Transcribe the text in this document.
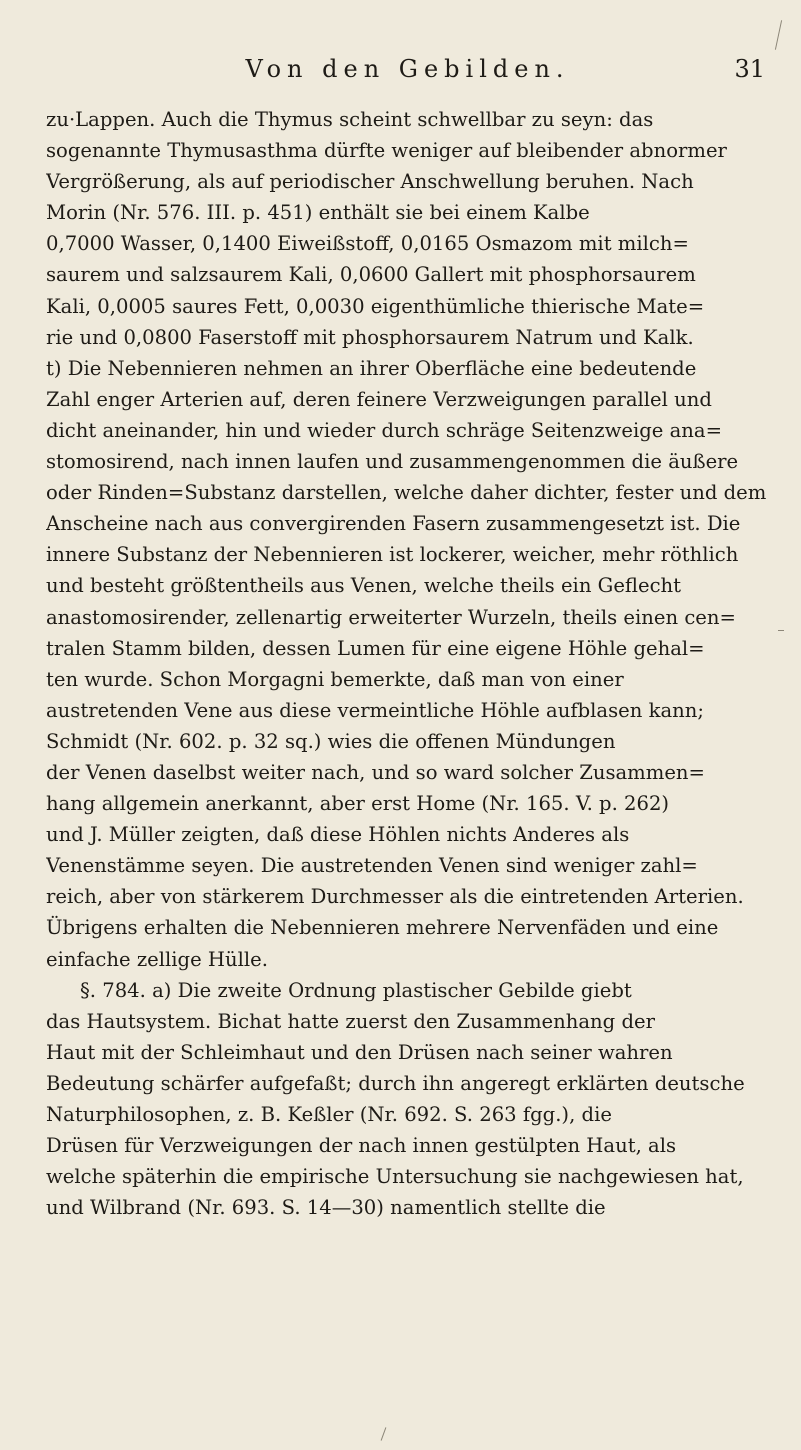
Von den Gebilden.	31

zu·Lappen. Auch die Thymus scheint schwellbar zu seyn: das
sogenannte Thymusasthma dürfte weniger auf bleibender abnormer
Vergrößerung, als auf periodischer Anschwellung beruhen. Nach
Morin (Nr. 576. III. p. 451) enthält sie bei einem Kalbe
0,7000 Wasser, 0,1400 Eiweißstoff, 0,0165 Osmazom mit milch=
saurem und salzsaurem Kali, 0,0600 Gallert mit phosphorsaurem
Kali, 0,0005 saures Fett, 0,0030 eigenthümliche thierische Mate=
rie und 0,0800 Faserstoff mit phosphorsaurem Natrum und Kalk.

t) Die Nebennieren nehmen an ihrer Oberfläche eine bedeutende
Zahl enger Arterien auf, deren feinere Verzweigungen parallel und
dicht aneinander, hin und wieder durch schräge Seitenzweige ana=
stomosirend, nach innen laufen und zusammengenommen die äußere
oder Rinden=Substanz darstellen, welche daher dichter, fester und dem
Anscheine nach aus convergirenden Fasern zusammengesetzt ist. Die
innere Substanz der Nebennieren ist lockerer, weicher, mehr röthlich
und besteht größtentheils aus Venen, welche theils ein Geflecht
anastomosirender, zellenartig erweiterter Wurzeln, theils einen cen=
tralen Stamm bilden, dessen Lumen für eine eigene Höhle gehal=
ten wurde. Schon Morgagni bemerkte, daß man von einer
austretenden Vene aus diese vermeintliche Höhle aufblasen kann;
Schmidt (Nr. 602. p. 32 sq.) wies die offenen Mündungen
der Venen daselbst weiter nach, und so ward solcher Zusammen=
hang allgemein anerkannt, aber erst Home (Nr. 165. V. p. 262)
und J. Müller zeigten, daß diese Höhlen nichts Anderes als
Venenstämme seyen. Die austretenden Venen sind weniger zahl=
reich, aber von stärkerem Durchmesser als die eintretenden Arterien.
Übrigens erhalten die Nebennieren mehrere Nervenfäden und eine
einfache zellige Hülle.

§. 784. a) Die zweite Ordnung plastischer Gebilde giebt
das Hautsystem. Bichat hatte zuerst den Zusammenhang der
Haut mit der Schleimhaut und den Drüsen nach seiner wahren
Bedeutung schärfer aufgefaßt; durch ihn angeregt erklärten deutsche
Naturphilosophen, z. B. Keßler (Nr. 692. S. 263 fgg.), die
Drüsen für Verzweigungen der nach innen gestülpten Haut, als
welche späterhin die empirische Untersuchung sie nachgewiesen hat,
und Wilbrand (Nr. 693. S. 14—30) namentlich stellte die
